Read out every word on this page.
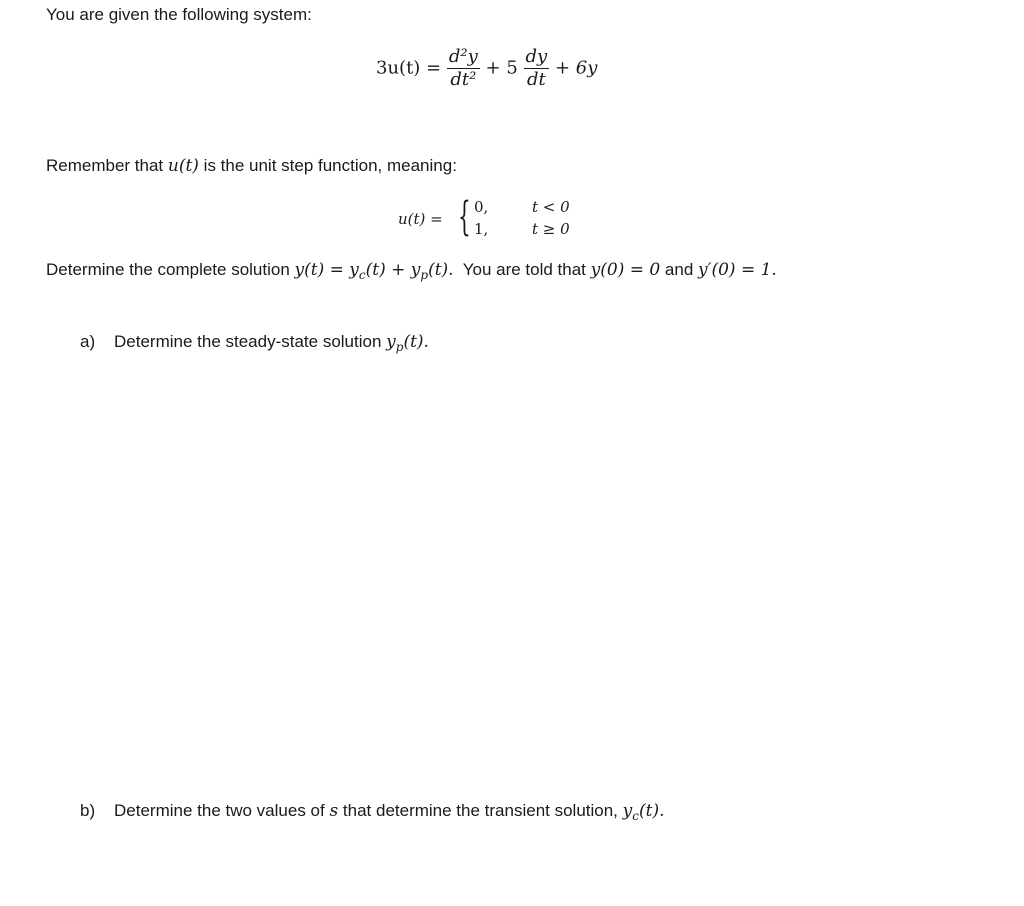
You are given the following system:
$3u(t) = \frac{\text{d²y}}{\text{dt²}} + 5 \frac{dy}{dt} + 6y$
Remember that u(t) is the unit step function, meaning:
u(t) = { 0,
1,
t < 0
t ≥ 0
Determine the complete solution $y(t) = y_c(t) + y_p(t)$.  You are told that y(0) = 0 and y′(0) = 1.
a) Determine the steady-state solution $y_p(t)$.
b) Determine the two values of s that determine the transient solution, $y_c(t)$.
